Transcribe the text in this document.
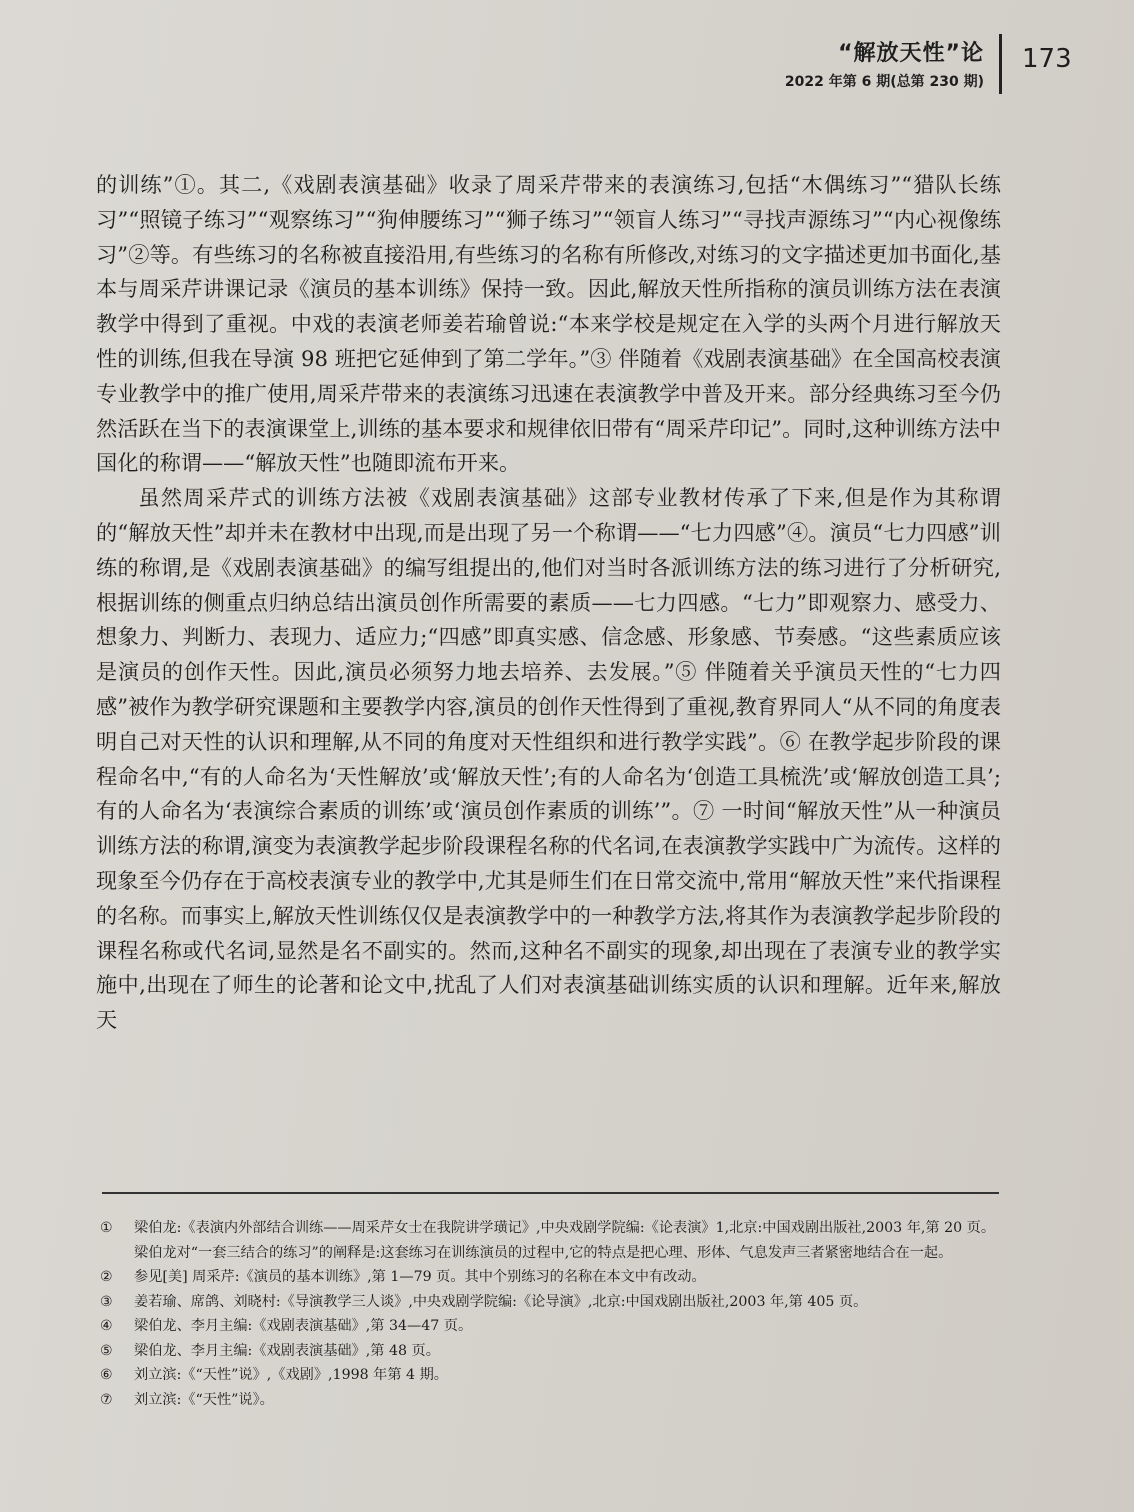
“解放天性”论
2022 年第 6 期(总第 230 期)
173

的训练”①。其二,《戏剧表演基础》收录了周采芹带来的表演练习,包括“木偶练习”“猎队长练习”“照镜子练习”“观察练习”“狗伸腰练习”“狮子练习”“领盲人练习”“寻找声源练习”“内心视像练习”②等。有些练习的名称被直接沿用,有些练习的名称有所修改,对练习的文字描述更加书面化,基本与周采芹讲课记录《演员的基本训练》保持一致。因此,解放天性所指称的演员训练方法在表演教学中得到了重视。中戏的表演老师姜若瑜曾说:“本来学校是规定在入学的头两个月进行解放天性的训练,但我在导演 98 班把它延伸到了第二学年。”③ 伴随着《戏剧表演基础》在全国高校表演专业教学中的推广使用,周采芹带来的表演练习迅速在表演教学中普及开来。部分经典练习至今仍然活跃在当下的表演课堂上,训练的基本要求和规律依旧带有“周采芹印记”。同时,这种训练方法中国化的称谓——“解放天性”也随即流布开来。

虽然周采芹式的训练方法被《戏剧表演基础》这部专业教材传承了下来,但是作为其称谓的“解放天性”却并未在教材中出现,而是出现了另一个称谓——“七力四感”④。演员“七力四感”训练的称谓,是《戏剧表演基础》的编写组提出的,他们对当时各派训练方法的练习进行了分析研究,根据训练的侧重点归纳总结出演员创作所需要的素质——七力四感。“七力”即观察力、感受力、想象力、判断力、表现力、适应力;“四感”即真实感、信念感、形象感、节奏感。“这些素质应该是演员的创作天性。因此,演员必须努力地去培养、去发展。”⑤ 伴随着关乎演员天性的“七力四感”被作为教学研究课题和主要教学内容,演员的创作天性得到了重视,教育界同人“从不同的角度表明自己对天性的认识和理解,从不同的角度对天性组织和进行教学实践”。⑥ 在教学起步阶段的课程命名中,“有的人命名为‘天性解放’或‘解放天性’;有的人命名为‘创造工具梳洗’或‘解放创造工具’;有的人命名为‘表演综合素质的训练’或‘演员创作素质的训练’”。⑦ 一时间“解放天性”从一种演员训练方法的称谓,演变为表演教学起步阶段课程名称的代名词,在表演教学实践中广为流传。这样的现象至今仍存在于高校表演专业的教学中,尤其是师生们在日常交流中,常用“解放天性”来代指课程的名称。而事实上,解放天性训练仅仅是表演教学中的一种教学方法,将其作为表演教学起步阶段的课程名称或代名词,显然是名不副实的。然而,这种名不副实的现象,却出现在了表演专业的教学实施中,出现在了师生的论著和论文中,扰乱了人们对表演基础训练实质的认识和理解。近年来,解放天

①	梁伯龙:《表演内外部结合训练——周采芹女士在我院讲学璜记》,中央戏剧学院编:《论表演》1,北京:中国戏剧出版社,2003 年,第 20 页。梁伯龙对“一套三结合的练习”的阐释是:这套练习在训练演员的过程中,它的特点是把心理、形体、气息发声三者紧密地结合在一起。
②	参见[美] 周采芹:《演员的基本训练》,第 1—79 页。其中个别练习的名称在本文中有改动。
③	姜若瑜、席鸽、刘晓村:《导演教学三人谈》,中央戏剧学院编:《论导演》,北京:中国戏剧出版社,2003 年,第 405 页。
④	梁伯龙、李月主编:《戏剧表演基础》,第 34—47 页。
⑤	梁伯龙、李月主编:《戏剧表演基础》,第 48 页。
⑥	刘立滨:《“天性”说》,《戏剧》,1998 年第 4 期。
⑦	刘立滨:《“天性”说》。
